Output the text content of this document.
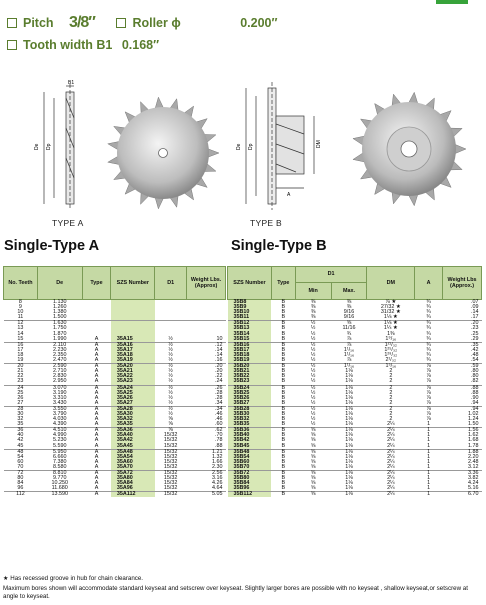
Pitch 3/8″	Roller ϕ	0.200″
Tooth width B1 0.168″
B1
De Dp
TYPE A
De Dp	DM
A
TYPE B
Single-Type A	Single-Type B
No. Teeth	De	Type	SZS Number	D1	Weight Lbs. (Approx)
8	1.130				
9	1.260				
10	1.380				
11	1.500				
12	1.630				
13	1.750				
14	1.870				
15	1.990	A	35A15	½	10
16	2.110	A	35A16	½	.12
17	2.230	A	35A17	½	.14
18	2.350	A	35A18	½	.14
19	2.470	A	35A19	½	.16
20	2.590	A	35A20	½	.20
21	2.710	A	35A21	½	.20
22	2.830	A	35A22	½	.22
23	2.950	A	35A23	½	.24
24	3.070	A	35A24	½	.26
25	3.190	A	35A25	½	.28
26	3.310	A	35A26	½	.28
27	3.430	A	35A27	½	.34
28	3.550	A	35A28	½	.34
30	3.790	A	35A30	½	.46
32	4.030	A	35A32	⅝	.46
35	4.390	A	35A35	⅝	.60
36	4.510	A	35A36	⅝	.62
40	4.990	A	35A40	15/32	.70
42	5.230	A	35A42	15/32	.78
45	5.590	A	35A45	15/32	.88
48	5.950	A	35A48	15/32	1.21
54	6.660	A	35A54	15/32	1.32
60	7.380	A	35A60	15/32	1.66
70	8.580	A	35A70	15/32	2.30
72	8.810	A	35A72	15/32	2.56
80	9.770	A	35A80	15/32	3.16
84	10.250	A	35A84	15/32	4.26
96	11.680	A	35A96	15/32	4.64
112	13.590	A	35A112	15/32	5.05
SZS Number	Type	D1		DM	A	Weight Lbs (Approx.)
		Min	Max.			
35B8	B	⅜	⅜	⅞ ★	¾	.07
35B9	B	⅜	⅜	27/32 ★	¾	.09
35B10	B	⅜	9/16	31/32 ★	¾	.14
35B11	B	⅜	9/16	1⅛ ★	¾	.17
35B12	B	½	⅝	1⅛ ★	¾	.20
35B13	B	½	11/16	1¼ ★	¾	.23
35B14	B	½	¾	1⅜	¾	.25
35B15	B	½	⅞	1⁹/₁₆	¾	.29
35B16	B	½	⅞	1²¹/₃₂	¾	.35
35B17	B	½	1¹/₁₆	1²⁵/₃₂	¾	.42
35B18	B	½	1¹/₁₆	1²⁹/₃₂	¾	.48
35B19	B	½	⅞	2¹/₃₂	¾	.54
35B20	B	½	1¹/₁₆	1⁵/₁₆	⅞	.59
35B21	B	½	1⅛	2	⅞	.80
35B22	B	½	1⅛	2	⅞	.80
35B23	B	½	1⅛	2	⅞	.82
35B24	B	½	1⅛	2	⅞	.88
35B25	B	½	1⅛	2	⅞	.88
35B26	B	½	1⅛	2	⅞	.90
35B27	B	½	1⅛	2	⅞	.94
35B28	B	½	1⅛	2	⅞	.94
35B30	B	½	1⅛	2	⅞	1.02
35B32	B	½	1⅛	2	⅞	1.24
35B35	B	½	1⅛	2¼	1	1.50
35B36	B	⅝	1⅛	2¼	1	1.56
35B40	B	⅝	1⅛	2¼	1	1.62
35B42	B	⅝	1⅛	2¼	1	1.68
35B45	B	⅝	1⅛	2¼	1	1.78
35B48	B	⅝	1⅛	2¼	1	1.88
35B54	B	⅝	1⅛	2¼	1	2.20
35B60	B	⅝	1⅛	2¼	1	2.48
35B70	B	⅝	1⅛	2¼	1	3.12
35B72	B	⅝	1⅛	2¼	1	3.36
35B80	B	⅝	1⅛	2¼	1	3.82
35B84	B	⅝	1⅛	2¼	1	4.24
35B96	B	⅝	1⅛	2¼	1	5.16
35B112	B	⅝	1⅛	2¼	1	6.70
★ Has recessed groove in hub for chain clearance.
Maximum bores shown will accommodate standard keyseat and setscrew over keyseat. Slightly larger bores are possible with no keyseat , shallow keyseat,or setscrew at angle to keyseat.
